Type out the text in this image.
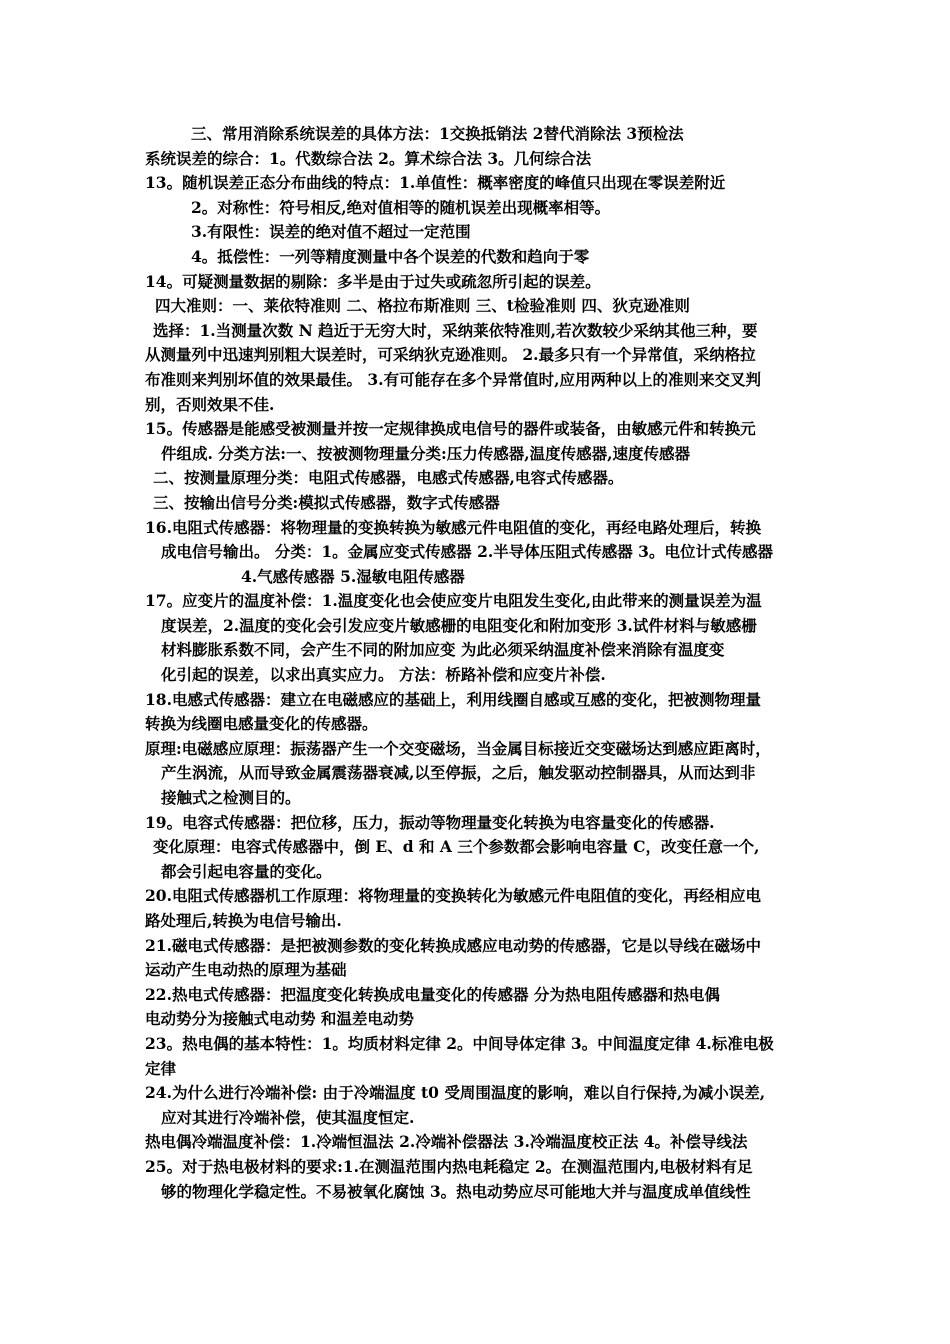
三、常用消除系统误差的具体方法：1交换抵销法 2替代消除法 3预检法
系统误差的综合：1。代数综合法 2。算术综合法 3。几何综合法
13。随机误差正态分布曲线的特点：1.单值性：概率密度的峰值只出现在零误差附近
2。对称性：符号相反,绝对值相等的随机误差出现概率相等。
3.有限性：误差的绝对值不超过一定范围
4。抵偿性：一列等精度测量中各个误差的代数和趋向于零
14。可疑测量数据的剔除：多半是由于过失或疏忽所引起的误差。
四大准则：一、莱依特准则 二、格拉布斯准则 三、t检验准则 四、狄克逊准则
选择：1.当测量次数 N 趋近于无穷大时，采纳莱依特准则,若次数较少采纳其他三种，要
从测量列中迅速判别粗大误差时，可采纳狄克逊准则。 2.最多只有一个异常值，采纳格拉
布准则来判别坏值的效果最佳。 3.有可能存在多个异常值时,应用两种以上的准则来交叉判
别，否则效果不佳.
15。传感器是能感受被测量并按一定规律换成电信号的器件或装备，由敏感元件和转换元
件组成. 分类方法:一、按被测物理量分类:压力传感器,温度传感器,速度传感器
二、按测量原理分类：电阻式传感器，电感式传感器,电容式传感器。
三、按输出信号分类:模拟式传感器，数字式传感器
16.电阻式传感器：将物理量的变换转换为敏感元件电阻值的变化，再经电路处理后，转换
成电信号输出。 分类：1。金属应变式传感器 2.半导体压阻式传感器 3。电位计式传感器
4.气感传感器 5.湿敏电阻传感器
17。应变片的温度补偿：1.温度变化也会使应变片电阻发生变化,由此带来的测量误差为温
度误差，2.温度的变化会引发应变片敏感栅的电阻变化和附加变形 3.试件材料与敏感栅
材料膨胀系数不同，会产生不同的附加应变 为此必须采纳温度补偿来消除有温度变
化引起的误差，以求出真实应力。 方法：桥路补偿和应变片补偿.
18.电感式传感器：建立在电磁感应的基础上，利用线圈自感或互感的变化，把被测物理量
转换为线圈电感量变化的传感器。
原理:电磁感应原理：振荡器产生一个交变磁场，当金属目标接近交变磁场达到感应距离时，
产生涡流，从而导致金属震荡器衰减,以至停振，之后，触发驱动控制器具，从而达到非
接触式之检测目的。
19。电容式传感器：把位移，压力，振动等物理量变化转换为电容量变化的传感器.
变化原理：电容式传感器中，倒 E、d 和 A 三个参数都会影响电容量 C，改变任意一个,
都会引起电容量的变化。
20.电阻式传感器机工作原理：将物理量的变换转化为敏感元件电阻值的变化，再经相应电
路处理后,转换为电信号输出.
21.磁电式传感器：是把被测参数的变化转换成感应电动势的传感器，它是以导线在磁场中
运动产生电动热的原理为基础
22.热电式传感器：把温度变化转换成电量变化的传感器 分为热电阻传感器和热电偶
电动势分为接触式电动势 和温差电动势
23。热电偶的基本特性：1。均质材料定律 2。中间导体定律 3。中间温度定律 4.标准电极
定律
24.为什么进行冷端补偿: 由于冷端温度 t0 受周围温度的影响，难以自行保持,为减小误差,
应对其进行冷端补偿，使其温度恒定.
热电偶冷端温度补偿：1.冷端恒温法 2.冷端补偿器法 3.冷端温度校正法 4。补偿导线法
25。对于热电极材料的要求:1.在测温范围内热电耗稳定 2。在测温范围内,电极材料有足
够的物理化学稳定性。不易被氧化腐蚀 3。热电动势应尽可能地大并与温度成单值线性
